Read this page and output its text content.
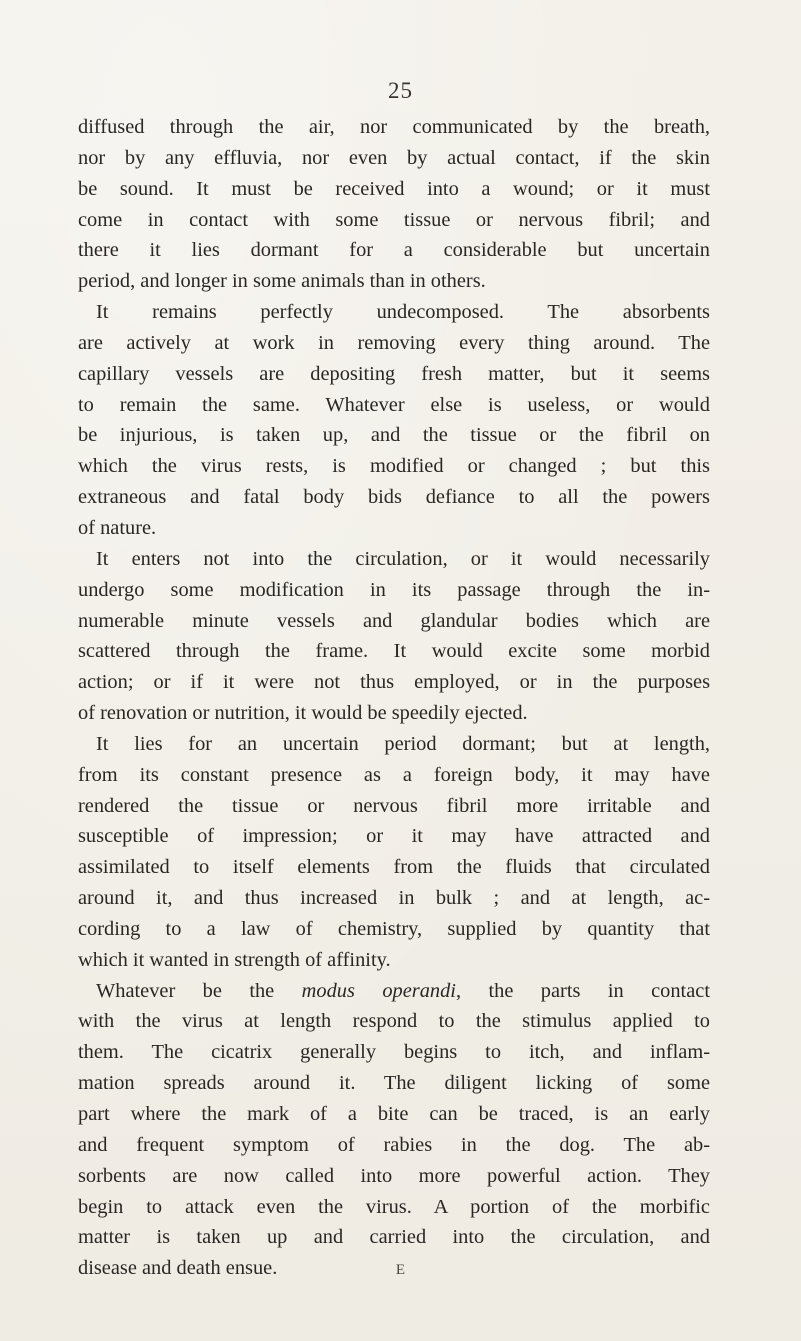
25
diffused through the air, nor communicated by the breath,
nor by any effluvia, nor even by actual contact, if the skin
be sound. It must be received into a wound; or it must
come in contact with some tissue or nervous fibril; and
there it lies dormant for a considerable but uncertain
period, and longer in some animals than in others.
It remains perfectly undecomposed. The absorbents
are actively at work in removing every thing around. The
capillary vessels are depositing fresh matter, but it seems
to remain the same. Whatever else is useless, or would
be injurious, is taken up, and the tissue or the fibril on
which the virus rests, is modified or changed ; but this
extraneous and fatal body bids defiance to all the powers
of nature.
It enters not into the circulation, or it would necessarily
undergo some modification in its passage through the in-
numerable minute vessels and glandular bodies which are
scattered through the frame. It would excite some morbid
action; or if it were not thus employed, or in the purposes
of renovation or nutrition, it would be speedily ejected.
It lies for an uncertain period dormant; but at length,
from its constant presence as a foreign body, it may have
rendered the tissue or nervous fibril more irritable and
susceptible of impression; or it may have attracted and
assimilated to itself elements from the fluids that circulated
around it, and thus increased in bulk ; and at length, ac-
cording to a law of chemistry, supplied by quantity that
which it wanted in strength of affinity.
Whatever be the modus operandi, the parts in contact
with the virus at length respond to the stimulus applied to
them. The cicatrix generally begins to itch, and inflam-
mation spreads around it. The diligent licking of some
part where the mark of a bite can be traced, is an early
and frequent symptom of rabies in the dog. The ab-
sorbents are now called into more powerful action. They
begin to attack even the virus. A portion of the morbific
matter is taken up and carried into the circulation, and
disease and death ensue.	E
